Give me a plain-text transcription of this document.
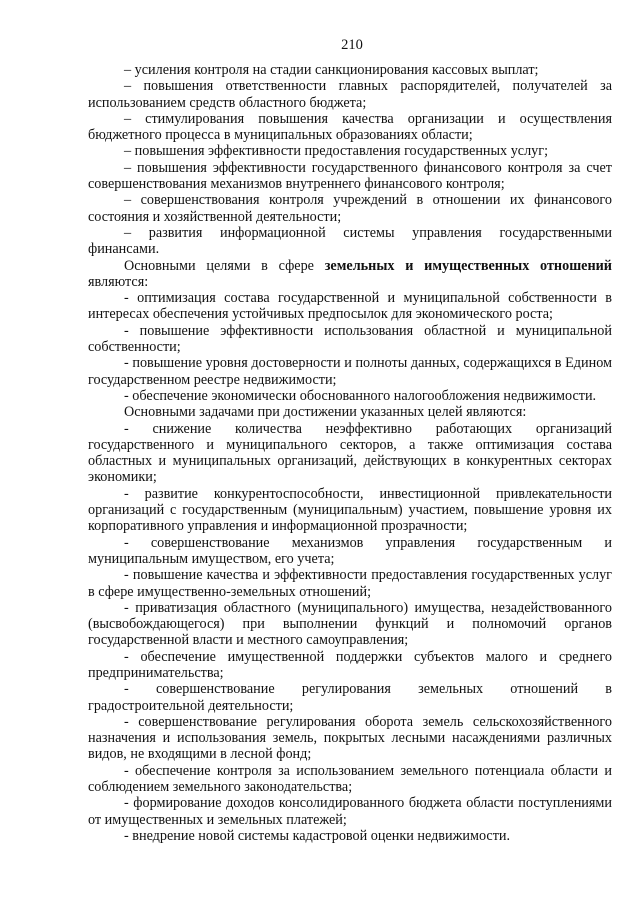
210

– усиления контроля на стадии санкционирования кассовых выплат;

– повышения ответственности главных распорядителей, получателей за использованием средств областного бюджета;

– стимулирования повышения качества организации и осуществления бюджетного процесса в муниципальных образованиях области;

– повышения эффективности предоставления государственных услуг;

– повышения эффективности государственного финансового контроля за счет совершенствования механизмов внутреннего финансового контроля;

– совершенствования контроля учреждений в отношении их финансового состояния и хозяйственной деятельности;

– развития информационной системы управления государственными финансами.

Основными целями в сфере земельных и имущественных отношений являются:

- оптимизация состава государственной и муниципальной собственности в интересах обеспечения устойчивых предпосылок для экономического роста;

- повышение эффективности использования областной и муниципальной собственности;

- повышение уровня достоверности и полноты данных, содержащихся в Едином государственном реестре недвижимости;

- обеспечение экономически обоснованного налогообложения недвижимости.

Основными задачами при достижении указанных целей являются:

- снижение количества неэффективно работающих организаций государственного и муниципального секторов, а также оптимизация состава областных и муниципальных организаций, действующих в конкурентных секторах экономики;

- развитие конкурентоспособности, инвестиционной привлекательности организаций с государственным (муниципальным) участием, повышение уровня их корпоративного управления и информационной прозрачности;

- совершенствование механизмов управления государственным и муниципальным имуществом, его учета;

- повышение качества и эффективности предоставления государственных услуг в сфере имущественно-земельных отношений;

- приватизация областного (муниципального) имущества, незадействованного (высвобождающегося) при выполнении функций и полномочий органов государственной власти и местного самоуправления;

- обеспечение имущественной поддержки субъектов малого и среднего предпринимательства;

- совершенствование регулирования земельных отношений в градостроительной деятельности;

- совершенствование регулирования оборота земель сельскохозяйственного назначения и использования земель, покрытых лесными насаждениями различных видов, не входящими в лесной фонд;

- обеспечение контроля за использованием земельного потенциала области и соблюдением земельного законодательства;

- формирование доходов консолидированного бюджета области поступлениями от имущественных и земельных платежей;

- внедрение новой системы кадастровой оценки недвижимости.
